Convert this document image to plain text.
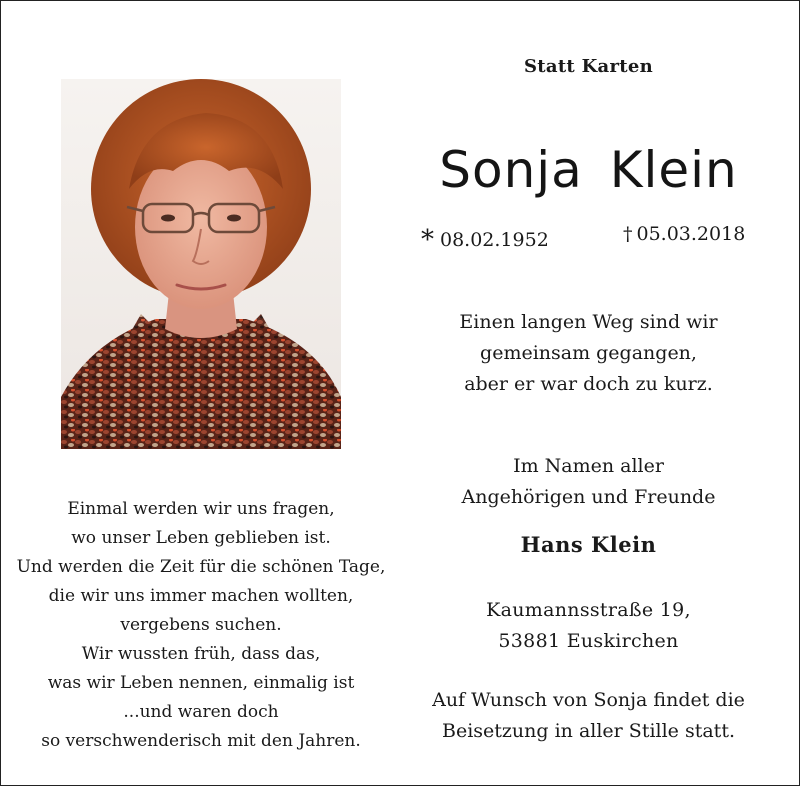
Einmal werden wir uns fragen,
wo unser Leben geblieben ist.
Und werden die Zeit für die schönen Tage,
die wir uns immer machen wollten,
vergebens suchen.
Wir wussten früh, dass das,
was wir Leben nennen, einmalig ist
...und waren doch
so verschwenderisch mit den Jahren.
Statt Karten
Sonja Klein
* 08.02.1952	† 05.03.2018
Einen langen Weg sind wir
gemeinsam gegangen,
aber er war doch zu kurz.
Im Namen aller
Angehörigen und Freunde
Hans Klein
Kaumannsstraße 19,
53881 Euskirchen
Auf Wunsch von Sonja findet die
Beisetzung in aller Stille statt.
